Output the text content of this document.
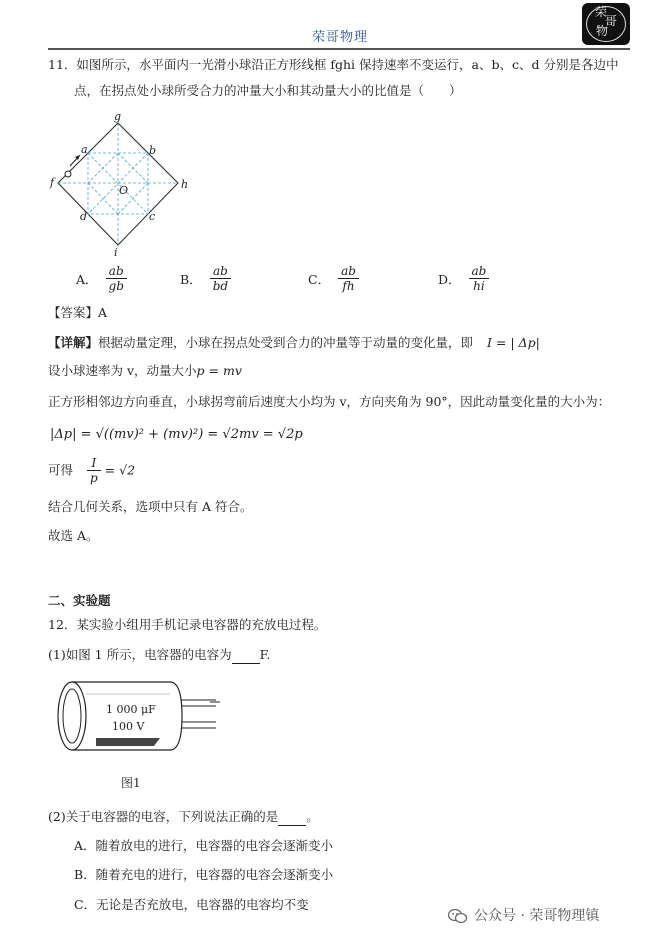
荣哥物理
荣
哥
物
11．如图所示，水平面内一光滑小球沿正方形线框 fghi 保持速率不变运行，a、b、c、d 分别是各边中
点，在拐点处小球所受合力的冲量大小和其动量大小的比值是（　　）
g
a	b
f
O	h
d	c
i
A． $\frac{ab}{gb}$	B． $\frac{ab}{bd}$	C． $\frac{ab}{fh}$	D． $\frac{ab}{hi}$
【答案】A
【详解】根据动量定理，小球在拐点处受到合力的冲量等于动量的变化量，即 I = | Δp|
设小球速率为 v，动量大小p = mv
正方形相邻边方向垂直，小球拐弯前后速度大小均为 v，方向夹角为 90°，因此动量变化量的大小为：
|Δp| = √((mv)² + (mv)²) = √2mv = √2p
可得 $\frac{I}{p} = √2$
结合几何关系，选项中只有 A 符合。
故选 A。
二、实验题
12．某实验小组用手机记录电容器的充放电过程。
(1)如图 1 所示，电容器的电容为 F.
1 000 μF
100 V
图1
(2)关于电容器的电容，下列说法正确的是 。
A．随着放电的进行，电容器的电容会逐渐变小
B．随着充电的进行，电容器的电容会逐渐变小
C．无论是否充放电，电容器的电容均不变
公众号 · 荣哥物理镇
